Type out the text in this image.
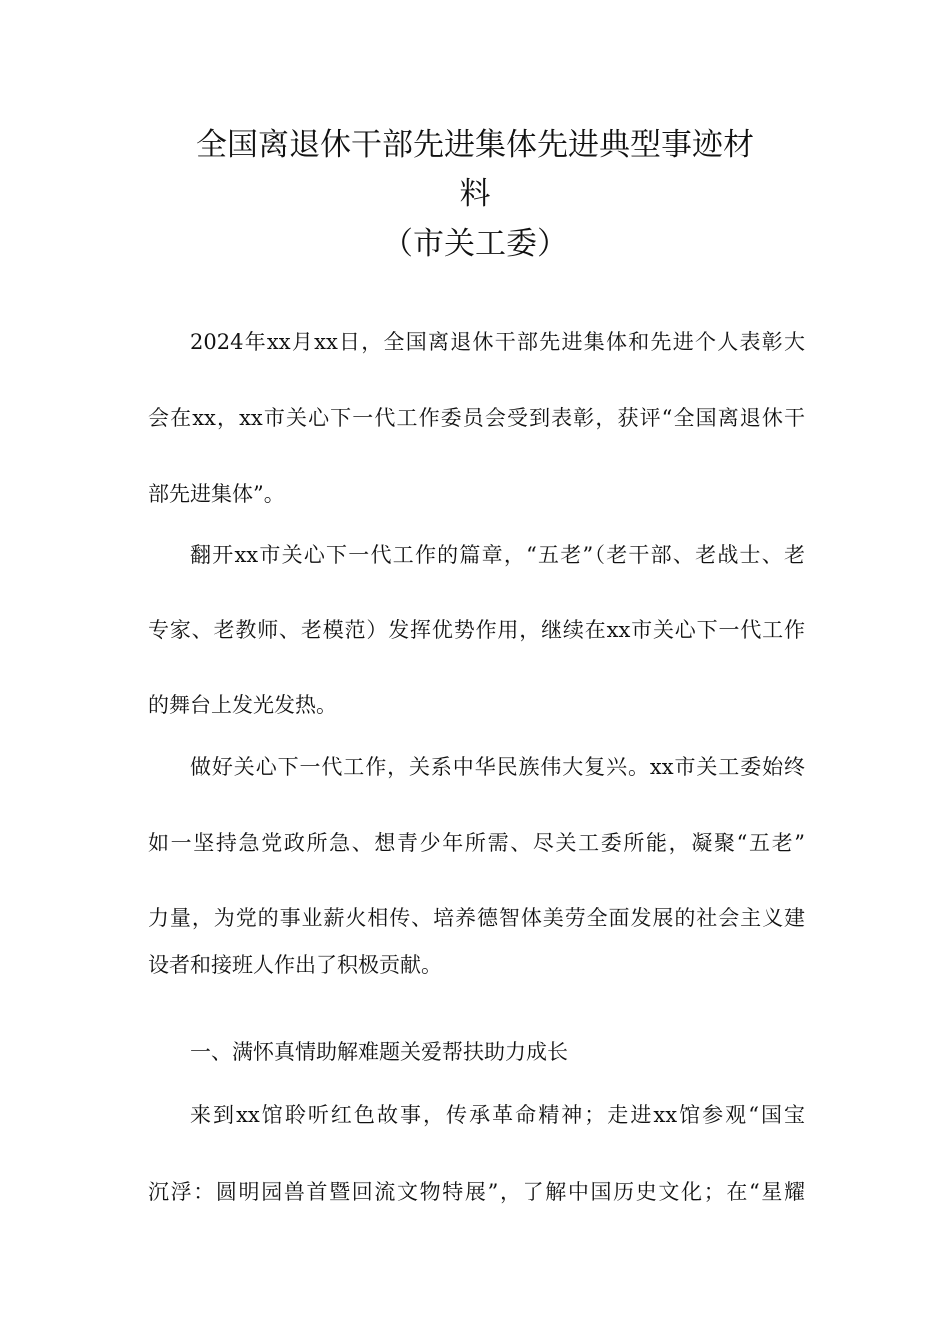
全国离退休干部先进集体先进典型事迹材
料
（市关工委）
2024年xx月xx日，全国离退休干部先进集体和先进个人表彰大
会在xx，xx市关心下一代工作委员会受到表彰，获评“全国离退休干
部先进集体”。
翻开xx市关心下一代工作的篇章，“五老”（老干部、老战士、老
专家、老教师、老模范）发挥优势作用，继续在xx市关心下一代工作
的舞台上发光发热。
做好关心下一代工作，关系中华民族伟大复兴。xx市关工委始终
如一坚持急党政所急、想青少年所需、尽关工委所能，凝聚“五老”
力量，为党的事业薪火相传、培养德智体美劳全面发展的社会主义建
设者和接班人作出了积极贡献。
一、满怀真情助解难题关爱帮扶助力成长
来到xx馆聆听红色故事，传承革命精神；走进xx馆参观“国宝
沉浮：圆明园兽首暨回流文物特展”，了解中国历史文化；在“星耀
